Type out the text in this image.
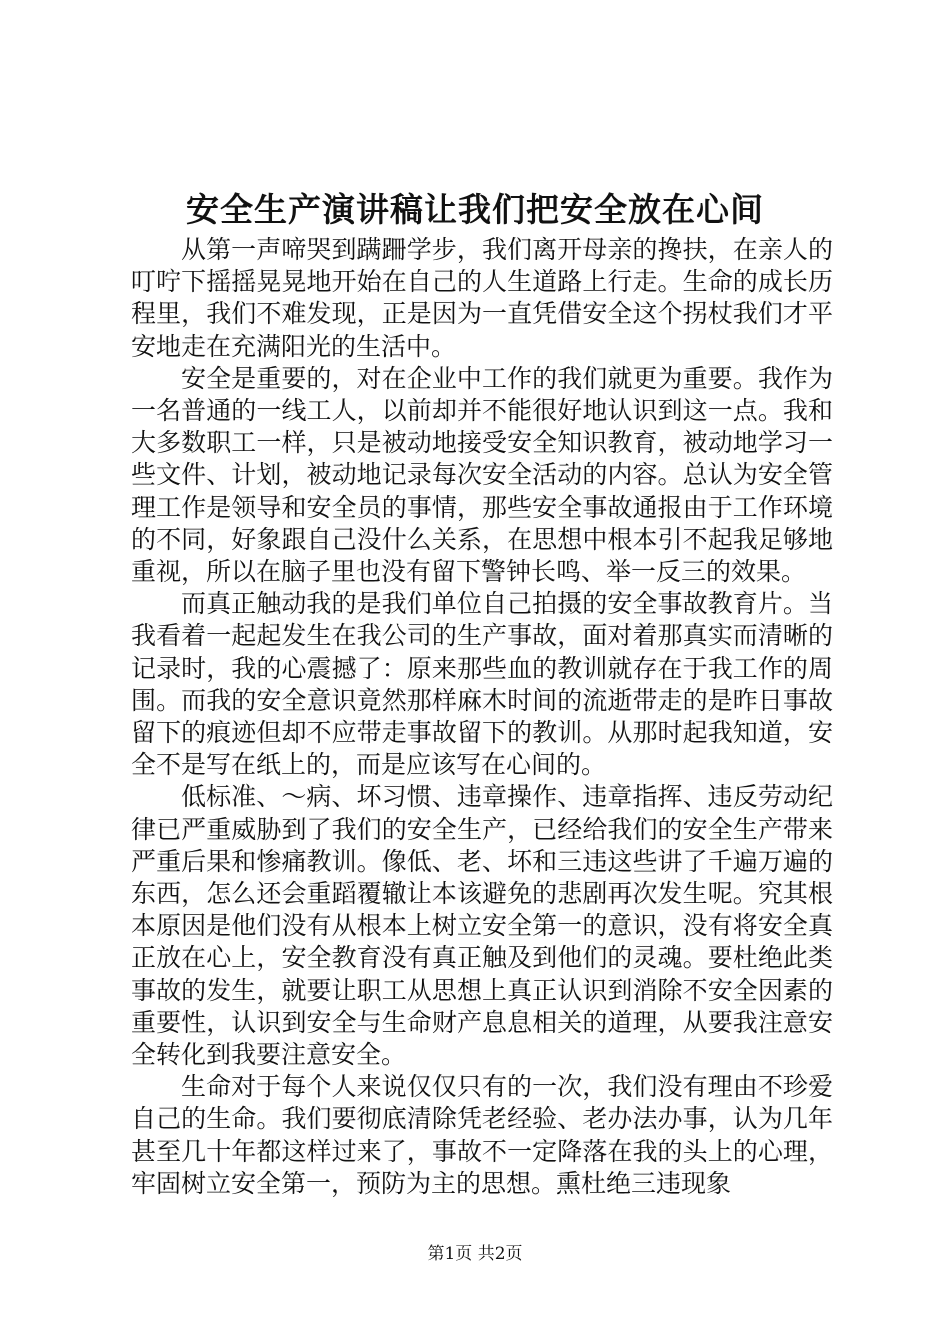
安全生产演讲稿让我们把安全放在心间

从第一声啼哭到蹒跚学步，我们离开母亲的搀扶，在亲人的叮咛下摇摇晃晃地开始在自己的人生道路上行走。生命的成长历程里，我们不难发现，正是因为一直凭借安全这个拐杖我们才平安地走在充满阳光的生活中。

安全是重要的，对在企业中工作的我们就更为重要。我作为一名普通的一线工人，以前却并不能很好地认识到这一点。我和大多数职工一样，只是被动地接受安全知识教育，被动地学习一些文件、计划，被动地记录每次安全活动的内容。总认为安全管理工作是领导和安全员的事情，那些安全事故通报由于工作环境的不同，好象跟自己没什么关系，在思想中根本引不起我足够地重视，所以在脑子里也没有留下警钟长鸣、举一反三的效果。

而真正触动我的是我们单位自己拍摄的安全事故教育片。当我看着一起起发生在我公司的生产事故，面对着那真实而清晰的记录时，我的心震撼了：原来那些血的教训就存在于我工作的周围。而我的安全意识竟然那样麻木时间的流逝带走的是昨日事故留下的痕迹但却不应带走事故留下的教训。从那时起我知道，安全不是写在纸上的，而是应该写在心间的。

低标准、～病、坏习惯、违章操作、违章指挥、违反劳动纪律已严重威胁到了我们的安全生产，已经给我们的安全生产带来严重后果和惨痛教训。像低、老、坏和三违这些讲了千遍万遍的东西，怎么还会重蹈覆辙让本该避免的悲剧再次发生呢。究其根本原因是他们没有从根本上树立安全第一的意识，没有将安全真正放在心上，安全教育没有真正触及到他们的灵魂。要杜绝此类事故的发生，就要让职工从思想上真正认识到消除不安全因素的重要性，认识到安全与生命财产息息相关的道理，从要我注意安全转化到我要注意安全。

生命对于每个人来说仅仅只有的一次，我们没有理由不珍爱自己的生命。我们要彻底清除凭老经验、老办法办事，认为几年甚至几十年都这样过来了，事故不一定降落在我的头上的心理，牢固树立安全第一，预防为主的思想。熏杜绝三违现象

第1页 共2页
